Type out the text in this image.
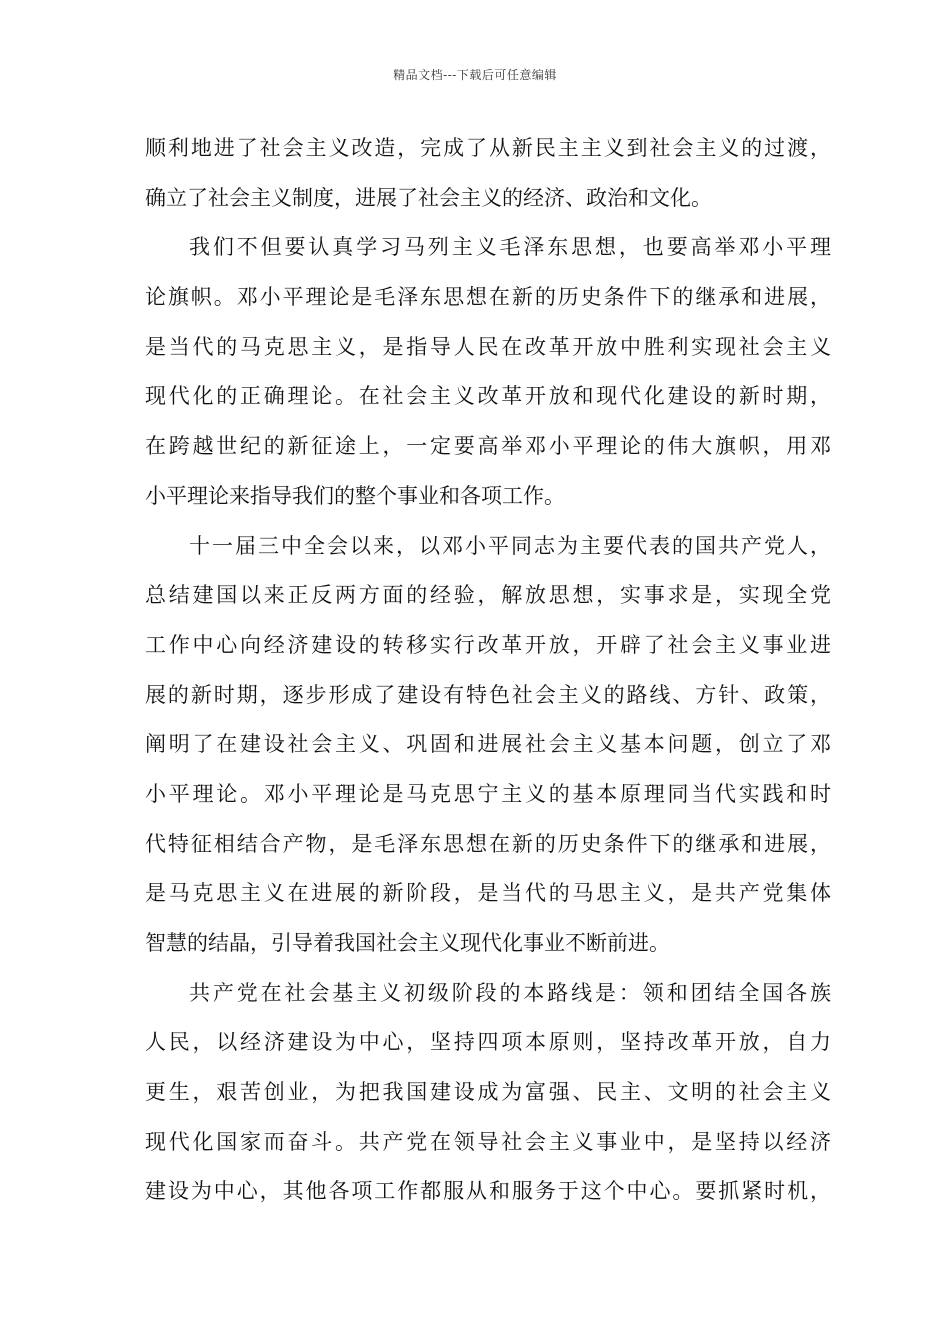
精品文档---下载后可任意编辑
顺利地进了社会主义改造，完成了从新民主主义到社会主义的过渡，
确立了社会主义制度，进展了社会主义的经济、政治和文化。
我们不但要认真学习马列主义毛泽东思想，也要高举邓小平理
论旗帜。邓小平理论是毛泽东思想在新的历史条件下的继承和进展，
是当代的马克思主义，是指导人民在改革开放中胜利实现社会主义
现代化的正确理论。在社会主义改革开放和现代化建设的新时期，
在跨越世纪的新征途上，一定要高举邓小平理论的伟大旗帜，用邓
小平理论来指导我们的整个事业和各项工作。
十一届三中全会以来，以邓小平同志为主要代表的国共产党人，
总结建国以来正反两方面的经验，解放思想，实事求是，实现全党
工作中心向经济建设的转移实行改革开放，开辟了社会主义事业进
展的新时期，逐步形成了建设有特色社会主义的路线、方针、政策，
阐明了在建设社会主义、巩固和进展社会主义基本问题，创立了邓
小平理论。邓小平理论是马克思宁主义的基本原理同当代实践和时
代特征相结合产物，是毛泽东思想在新的历史条件下的继承和进展，
是马克思主义在进展的新阶段，是当代的马思主义，是共产党集体
智慧的结晶，引导着我国社会主义现代化事业不断前进。
共产党在社会基主义初级阶段的本路线是：领和团结全国各族
人民，以经济建设为中心，坚持四项本原则，坚持改革开放，自力
更生，艰苦创业，为把我国建设成为富强、民主、文明的社会主义
现代化国家而奋斗。共产党在领导社会主义事业中，是坚持以经济
建设为中心，其他各项工作都服从和服务于这个中心。要抓紧时机，
